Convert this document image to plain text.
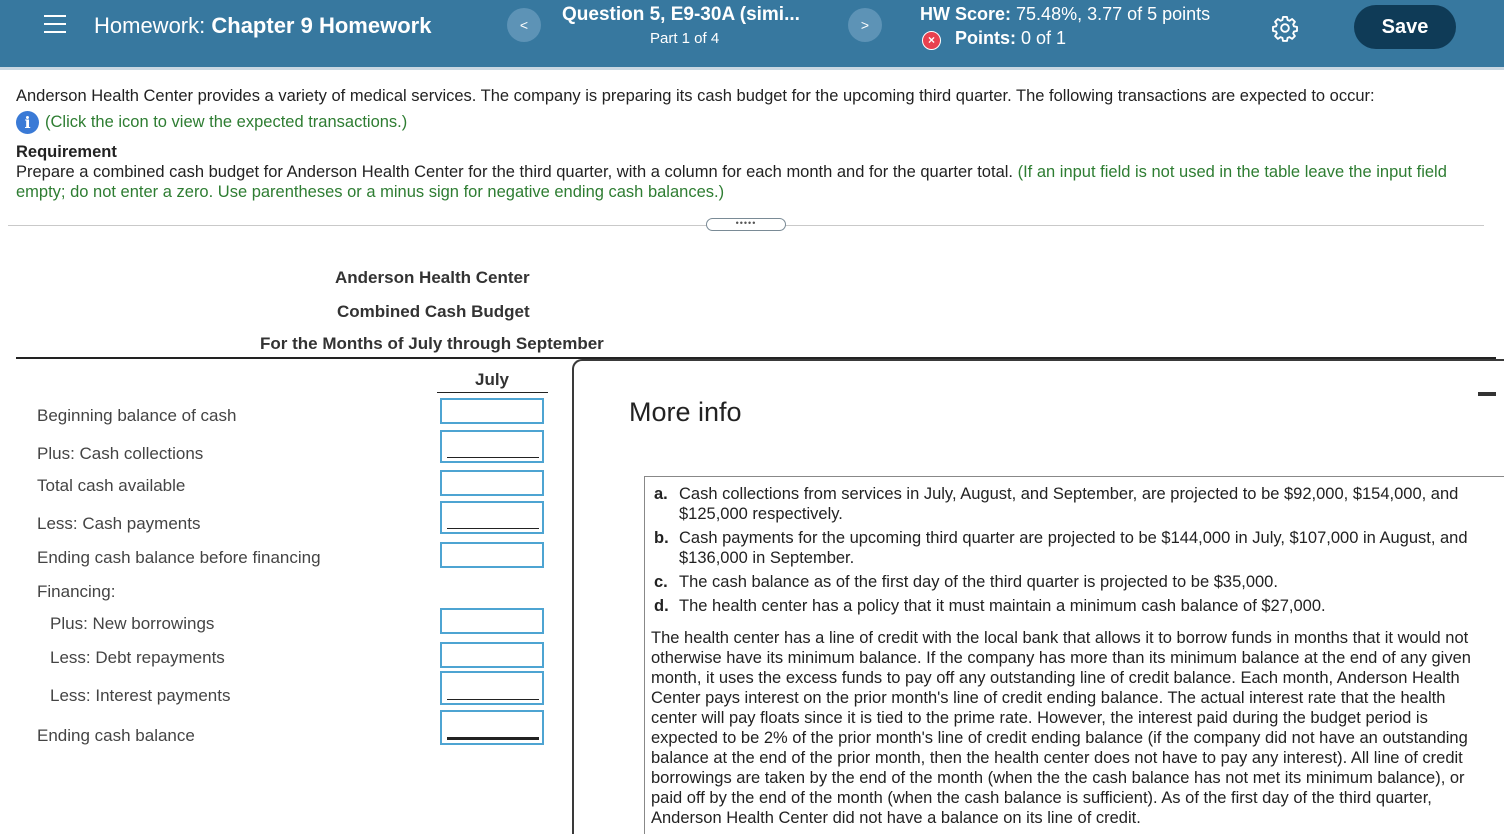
Homework: Chapter 9 Homework	<	Question 5, E9-30A (simi...
Part 1 of 4
>
HW Score: 75.48%, 3.77 of 5 points
×	Points: 0 of 1	Save
Anderson Health Center provides a variety of medical services. The company is preparing its cash budget for the upcoming third quarter. The following transactions are expected to occur:
i (Click the icon to view the expected transactions.)
Requirement
Prepare a combined cash budget for Anderson Health Center for the third quarter, with a column for each month and for the quarter total. (If an input field is not used in the table leave the input field empty; do not enter a zero. Use parentheses or a minus sign for negative ending cash balances.)
•••••
Anderson Health Center
Combined Cash Budget
For the Months of July through September
July
Beginning balance of cash
Plus: Cash collections
Total cash available
Less: Cash payments
Ending cash balance before financing
Financing:
Plus: New borrowings
Less: Debt repayments
Less: Interest payments
Ending cash balance
More info
a. Cash collections from services in July, August, and September, are projected to be $92,000, $154,000, and $125,000 respectively.
b. Cash payments for the upcoming third quarter are projected to be $144,000 in July, $107,000 in August, and $136,000 in September.
c. The cash balance as of the first day of the third quarter is projected to be $35,000.
d. The health center has a policy that it must maintain a minimum cash balance of $27,000.
The health center has a line of credit with the local bank that allows it to borrow funds in months that it would not otherwise have its minimum balance. If the company has more than its minimum balance at the end of any given month, it uses the excess funds to pay off any outstanding line of credit balance. Each month, Anderson Health Center pays interest on the prior month's line of credit ending balance. The actual interest rate that the health center will pay floats since it is tied to the prime rate. However, the interest paid during the budget period is expected to be 2% of the prior month's line of credit ending balance (if the company did not have an outstanding balance at the end of the prior month, then the health center does not have to pay any interest). All line of credit borrowings are taken by the end of the month (when the the cash balance has not met its minimum balance), or paid off by the end of the month (when the cash balance is sufficient). As of the first day of the third quarter, Anderson Health Center did not have a balance on its line of credit.
